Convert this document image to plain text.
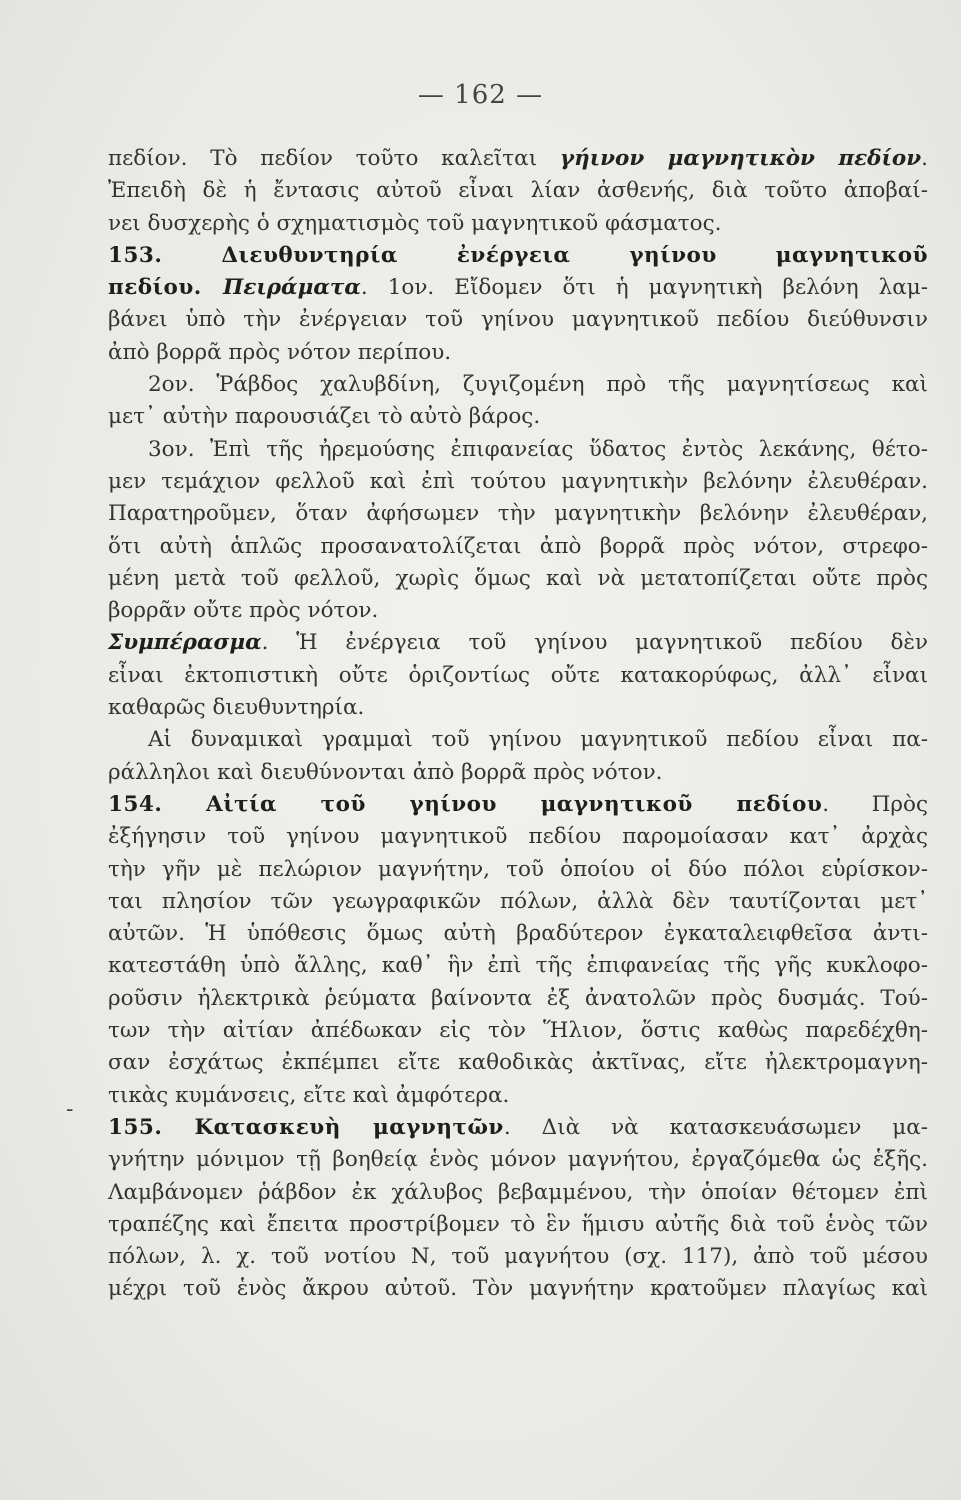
— 162 —
-
πεδίον. Τὸ πεδίον τοῦτο καλεῖται γήινον μαγνητικὸν πεδίον.
Ἐπειδὴ δὲ ἡ ἔντασις αὐτοῦ εἶναι λίαν ἀσθενής, διὰ τοῦτο ἀποβαί-
νει δυσχερὴς ὁ σχηματισμὸς τοῦ μαγνητικοῦ φάσματος.
153. Διευθυντηρία ἐνέργεια γηίνου μαγνητικοῦ
πεδίου. Πειράματα. 1ον. Εἴδομεν ὅτι ἡ μαγνητικὴ βελόνη λαμ-
βάνει ὑπὸ τὴν ἐνέργειαν τοῦ γηίνου μαγνητικοῦ πεδίου διεύθυνσιν
ἀπὸ βορρᾶ πρὸς νότον περίπου.
2ον. Ῥάβδος χαλυβδίνη, ζυγιζομένη πρὸ τῆς μαγνητίσεως καὶ
μετ᾽ αὐτὴν παρουσιάζει τὸ αὐτὸ βάρος.
3ον. Ἐπὶ τῆς ἠρεμούσης ἐπιφανείας ὕδατος ἐντὸς λεκάνης, θέτο-
μεν τεμάχιον φελλοῦ καὶ ἐπὶ τούτου μαγνητικὴν βελόνην ἐλευθέραν.
Παρατηροῦμεν, ὅταν ἀφήσωμεν τὴν μαγνητικὴν βελόνην ἐλευθέραν,
ὅτι αὐτὴ ἁπλῶς προσανατολίζεται ἀπὸ βορρᾶ πρὸς νότον, στρεφο-
μένη μετὰ τοῦ φελλοῦ, χωρὶς ὅμως καὶ νὰ μετατοπίζεται οὔτε πρὸς
βορρᾶν οὔτε πρὸς νότον.
Συμπέρασμα. Ἡ ἐνέργεια τοῦ γηίνου μαγνητικοῦ πεδίου δὲν
εἶναι ἐκτοπιστικὴ οὔτε ὁριζοντίως οὔτε κατακορύφως, ἀλλ᾽ εἶναι
καθαρῶς διευθυντηρία.
Αἱ δυναμικαὶ γραμμαὶ τοῦ γηίνου μαγνητικοῦ πεδίου εἶναι πα-
ράλληλοι καὶ διευθύνονται ἀπὸ βορρᾶ πρὸς νότον.
154. Αἰτία τοῦ γηίνου μαγνητικοῦ πεδίου. Πρὸς
ἐξήγησιν τοῦ γηίνου μαγνητικοῦ πεδίου παρομοίασαν κατ᾽ ἀρχὰς
τὴν γῆν μὲ πελώριον μαγνήτην, τοῦ ὁποίου οἱ δύο πόλοι εὑρίσκον-
ται πλησίον τῶν γεωγραφικῶν πόλων, ἀλλὰ δὲν ταυτίζονται μετ᾽
αὐτῶν. Ἡ ὑπόθεσις ὅμως αὐτὴ βραδύτερον ἐγκαταλειφθεῖσα ἀντι-
κατεστάθη ὑπὸ ἄλλης, καθ᾽ ἣν ἐπὶ τῆς ἐπιφανείας τῆς γῆς κυκλοφο-
ροῦσιν ἠλεκτρικὰ ῥεύματα βαίνοντα ἐξ ἀνατολῶν πρὸς δυσμάς. Τού-
των τὴν αἰτίαν ἀπέδωκαν εἰς τὸν Ἥλιον, ὅστις καθὼς παρεδέχθη-
σαν ἐσχάτως ἐκπέμπει εἴτε καθοδικὰς ἀκτῖνας, εἴτε ἠλεκτρομαγνη-
τικὰς κυμάνσεις, εἴτε καὶ ἀμφότερα.
155. Κατασκευὴ μαγνητῶν. Διὰ νὰ κατασκευάσωμεν μα-
γνήτην μόνιμον τῇ βοηθείᾳ ἑνὸς μόνον μαγνήτου, ἐργαζόμεθα ὡς ἑξῆς.
Λαμβάνομεν ῥάβδον ἐκ χάλυβος βεβαμμένου, τὴν ὁποίαν θέτομεν ἐπὶ
τραπέζης καὶ ἔπειτα προστρίβομεν τὸ ἓν ἥμισυ αὐτῆς διὰ τοῦ ἑνὸς τῶν
πόλων, λ. χ. τοῦ νοτίου Ν, τοῦ μαγνήτου (σχ. 117), ἀπὸ τοῦ μέσου
μέχρι τοῦ ἑνὸς ἄκρου αὐτοῦ. Τὸν μαγνήτην κρατοῦμεν πλαγίως καὶ
